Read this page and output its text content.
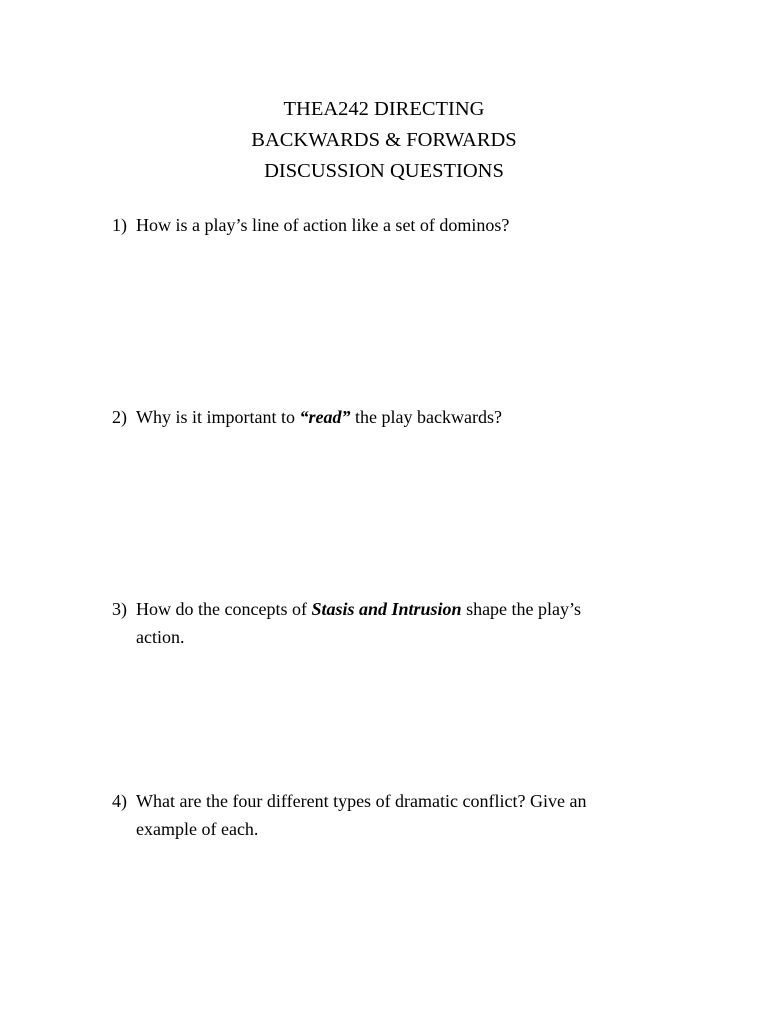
THEA242 DIRECTING
BACKWARDS & FORWARDS
DISCUSSION QUESTIONS
1) How is a play’s line of action like a set of dominos?
2) Why is it important to “read” the play backwards?
3) How do the concepts of Stasis and Intrusion shape the play’s
action.
4) What are the four different types of dramatic conflict? Give an
example of each.
